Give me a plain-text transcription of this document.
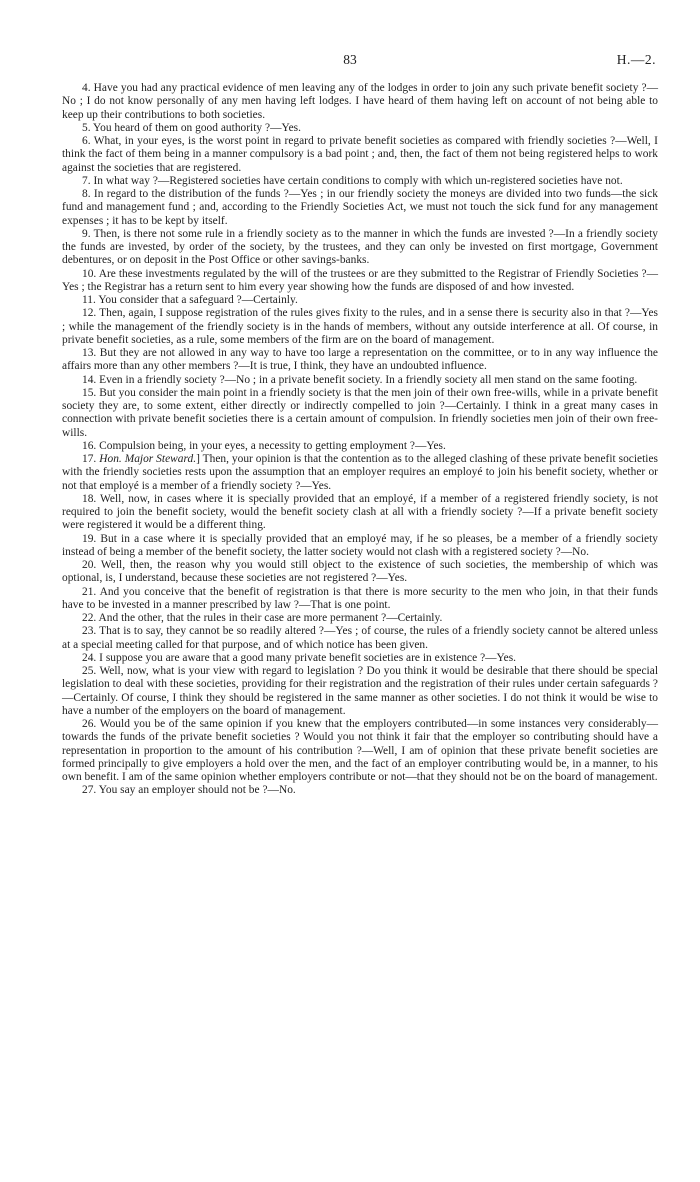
83	H.—2.

4. Have you had any practical evidence of men leaving any of the lodges in order to join any such private benefit society ?—No ; I do not know personally of any men having left lodges. I have heard of them having left on account of not being able to keep up their contributions to both societies.

5. You heard of them on good authority ?—Yes.

6. What, in your eyes, is the worst point in regard to private benefit societies as compared with friendly societies ?—Well, I think the fact of them being in a manner compulsory is a bad point ; and, then, the fact of them not being registered helps to work against the societies that are registered.

7. In what way ?—Registered societies have certain conditions to comply with which un-registered societies have not.

8. In regard to the distribution of the funds ?—Yes ; in our friendly society the moneys are divided into two funds—the sick fund and management fund ; and, according to the Friendly Societies Act, we must not touch the sick fund for any management expenses ; it has to be kept by itself.

9. Then, is there not some rule in a friendly society as to the manner in which the funds are invested ?—In a friendly society the funds are invested, by order of the society, by the trustees, and they can only be invested on first mortgage, Government debentures, or on deposit in the Post Office or other savings-banks.

10. Are these investments regulated by the will of the trustees or are they submitted to the Registrar of Friendly Societies ?—Yes ; the Registrar has a return sent to him every year showing how the funds are disposed of and how invested.

11. You consider that a safeguard ?—Certainly.

12. Then, again, I suppose registration of the rules gives fixity to the rules, and in a sense there is security also in that ?—Yes ; while the management of the friendly society is in the hands of members, without any outside interference at all. Of course, in private benefit societies, as a rule, some members of the firm are on the board of management.

13. But they are not allowed in any way to have too large a representation on the committee, or to in any way influence the affairs more than any other members ?—It is true, I think, they have an undoubted influence.

14. Even in a friendly society ?—No ; in a private benefit society. In a friendly society all men stand on the same footing.

15. But you consider the main point in a friendly society is that the men join of their own free-wills, while in a private benefit society they are, to some extent, either directly or indirectly compelled to join ?—Certainly. I think in a great many cases in connection with private benefit societies there is a certain amount of compulsion. In friendly societies men join of their own free-wills.

16. Compulsion being, in your eyes, a necessity to getting employment ?—Yes.

17. Hon. Major Steward.] Then, your opinion is that the contention as to the alleged clashing of these private benefit societies with the friendly societies rests upon the assumption that an employer requires an employé to join his benefit society, whether or not that employé is a member of a friendly society ?—Yes.

18. Well, now, in cases where it is specially provided that an employé, if a member of a registered friendly society, is not required to join the benefit society, would the benefit society clash at all with a friendly society ?—If a private benefit society were registered it would be a different thing.

19. But in a case where it is specially provided that an employé may, if he so pleases, be a member of a friendly society instead of being a member of the benefit society, the latter society would not clash with a registered society ?—No.

20. Well, then, the reason why you would still object to the existence of such societies, the membership of which was optional, is, I understand, because these societies are not registered ?—Yes.

21. And you conceive that the benefit of registration is that there is more security to the men who join, in that their funds have to be invested in a manner prescribed by law ?—That is one point.

22. And the other, that the rules in their case are more permanent ?—Certainly.

23. That is to say, they cannot be so readily altered ?—Yes ; of course, the rules of a friendly society cannot be altered unless at a special meeting called for that purpose, and of which notice has been given.

24. I suppose you are aware that a good many private benefit societies are in existence ?—Yes.

25. Well, now, what is your view with regard to legislation ? Do you think it would be desirable that there should be special legislation to deal with these societies, providing for their registration and the registration of their rules under certain safeguards ?—Certainly. Of course, I think they should be registered in the same manner as other societies. I do not think it would be wise to have a number of the employers on the board of management.

26. Would you be of the same opinion if you knew that the employers contributed—in some instances very considerably—towards the funds of the private benefit societies ? Would you not think it fair that the employer so contributing should have a representation in proportion to the amount of his contribution ?—Well, I am of opinion that these private benefit societies are formed principally to give employers a hold over the men, and the fact of an employer contributing would be, in a manner, to his own benefit. I am of the same opinion whether employers contribute or not—that they should not be on the board of management.

27. You say an employer should not be ?—No.
